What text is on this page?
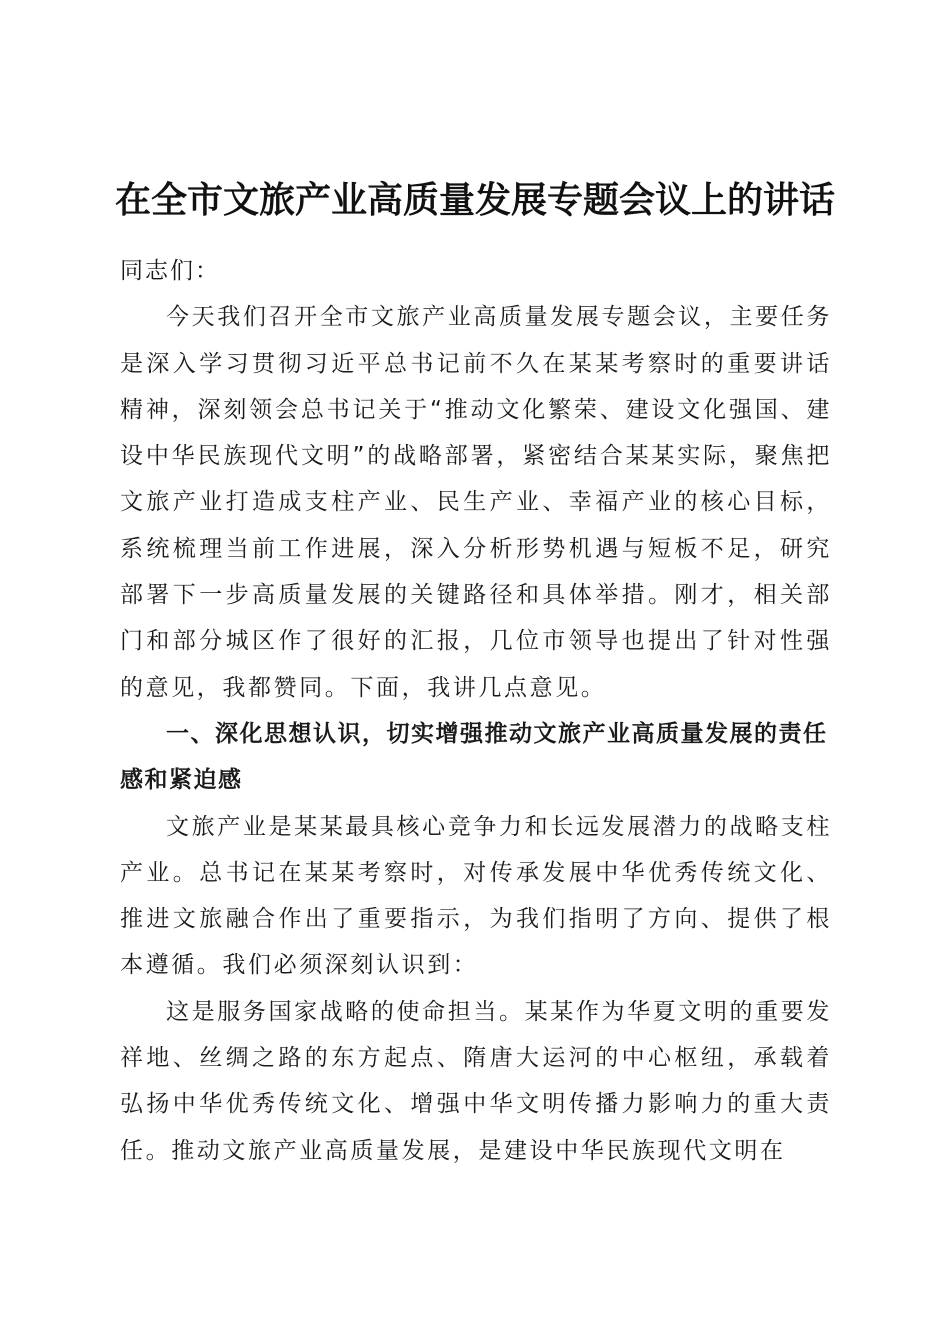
在全市文旅产业高质量发展专题会议上的讲话

同志们：

今天我们召开全市文旅产业高质量发展专题会议，主要任务是深入学习贯彻习近平总书记前不久在某某考察时的重要讲话精神，深刻领会总书记关于“推动文化繁荣、建设文化强国、建设中华民族现代文明”的战略部署，紧密结合某某实际，聚焦把文旅产业打造成支柱产业、民生产业、幸福产业的核心目标，系统梳理当前工作进展，深入分析形势机遇与短板不足，研究部署下一步高质量发展的关键路径和具体举措。刚才，相关部门和部分城区作了很好的汇报，几位市领导也提出了针对性强的意见，我都赞同。下面，我讲几点意见。

一、深化思想认识，切实增强推动文旅产业高质量发展的责任感和紧迫感

文旅产业是某某最具核心竞争力和长远发展潜力的战略支柱产业。总书记在某某考察时，对传承发展中华优秀传统文化、推进文旅融合作出了重要指示，为我们指明了方向、提供了根本遵循。我们必须深刻认识到：

这是服务国家战略的使命担当。某某作为华夏文明的重要发祥地、丝绸之路的东方起点、隋唐大运河的中心枢纽，承载着弘扬中华优秀传统文化、增强中华文明传播力影响力的重大责任。推动文旅产业高质量发展，是建设中华民族现代文明在
